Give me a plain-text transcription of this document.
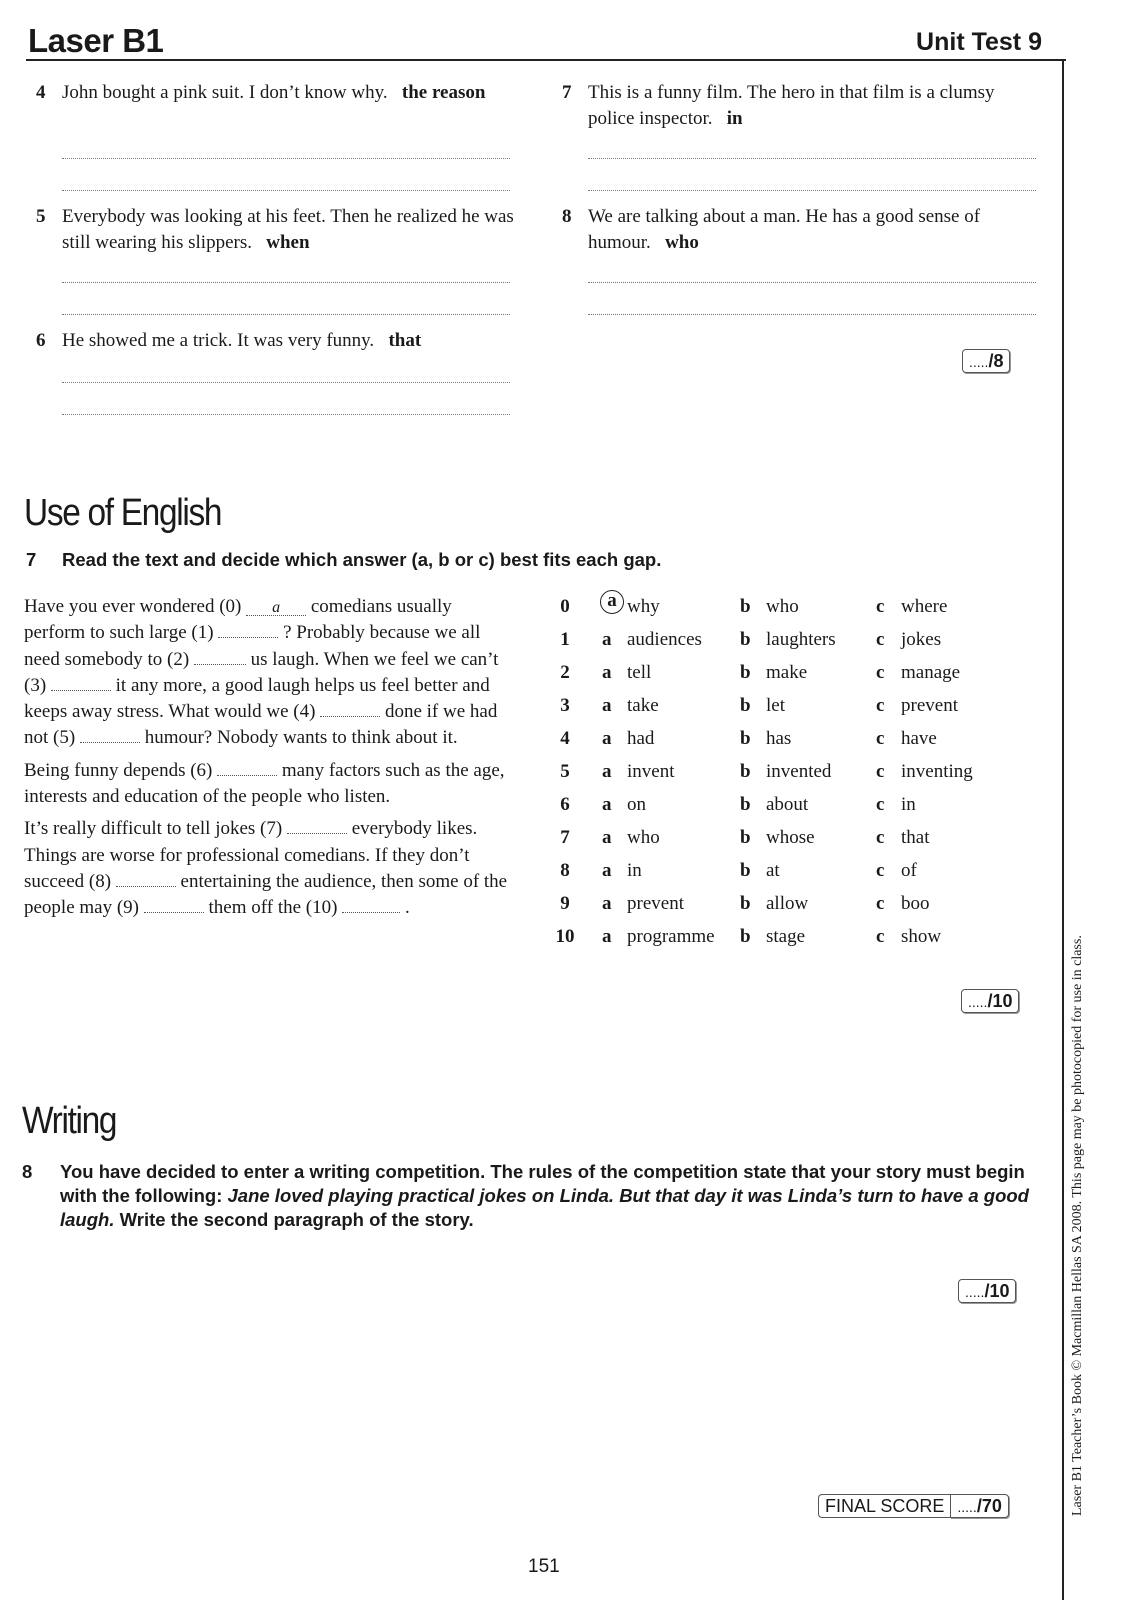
Laser B1	Unit Test 9
4 John bought a pink suit. I don’t know why. the reason
5 Everybody was looking at his feet. Then he realized he was still wearing his slippers. when
6 He showed me a trick. It was very funny. that
7 This is a funny film. The hero in that film is a clumsy police inspector. in
8 We are talking about a man. He has a good sense of humour. who
...../8
Use of English
7 Read the text and decide which answer (a, b or c) best fits each gap.
Have you ever wondered (0) a comedians usually perform to such large (1)	? Probably because we all need somebody to (2)	us laugh. When we feel we can’t (3)	it any more, a good laugh helps us feel better and keeps away stress. What would we (4)	done if we had not (5)	humour? Nobody wants to think about it.
Being funny depends (6)	many factors such as the age, interests and education of the people who listen.
It’s really difficult to tell jokes (7)	everybody likes. Things are worse for professional comedians. If they don’t succeed (8)	entertaining the audience, then some of the people may (9)	them off the (10)	.
0	a why	b who	c where
1	a audiences b laughters c jokes
2	a tell	b make	c manage
3	a take	b let	c prevent
4	a had	b has	c have
5	a invent	b invented c inventing
6	a on	b about	c in
7	a who	b whose	c that
8	a in	b at	c of
9	a prevent	b allow	c boo
10 a programme b stage	c show
...../10
Writing
8 You have decided to enter a writing competition. The rules of the competition state that your story must begin with the following: Jane loved playing practical jokes on Linda. But that day it was Linda’s turn to have a good laugh. Write the second paragraph of the story.
...../10
FINAL SCORE ...../70
151
Laser B1 Teacher’s Book © Macmillan Hellas SA 2008. This page may be photocopied for use in class.
